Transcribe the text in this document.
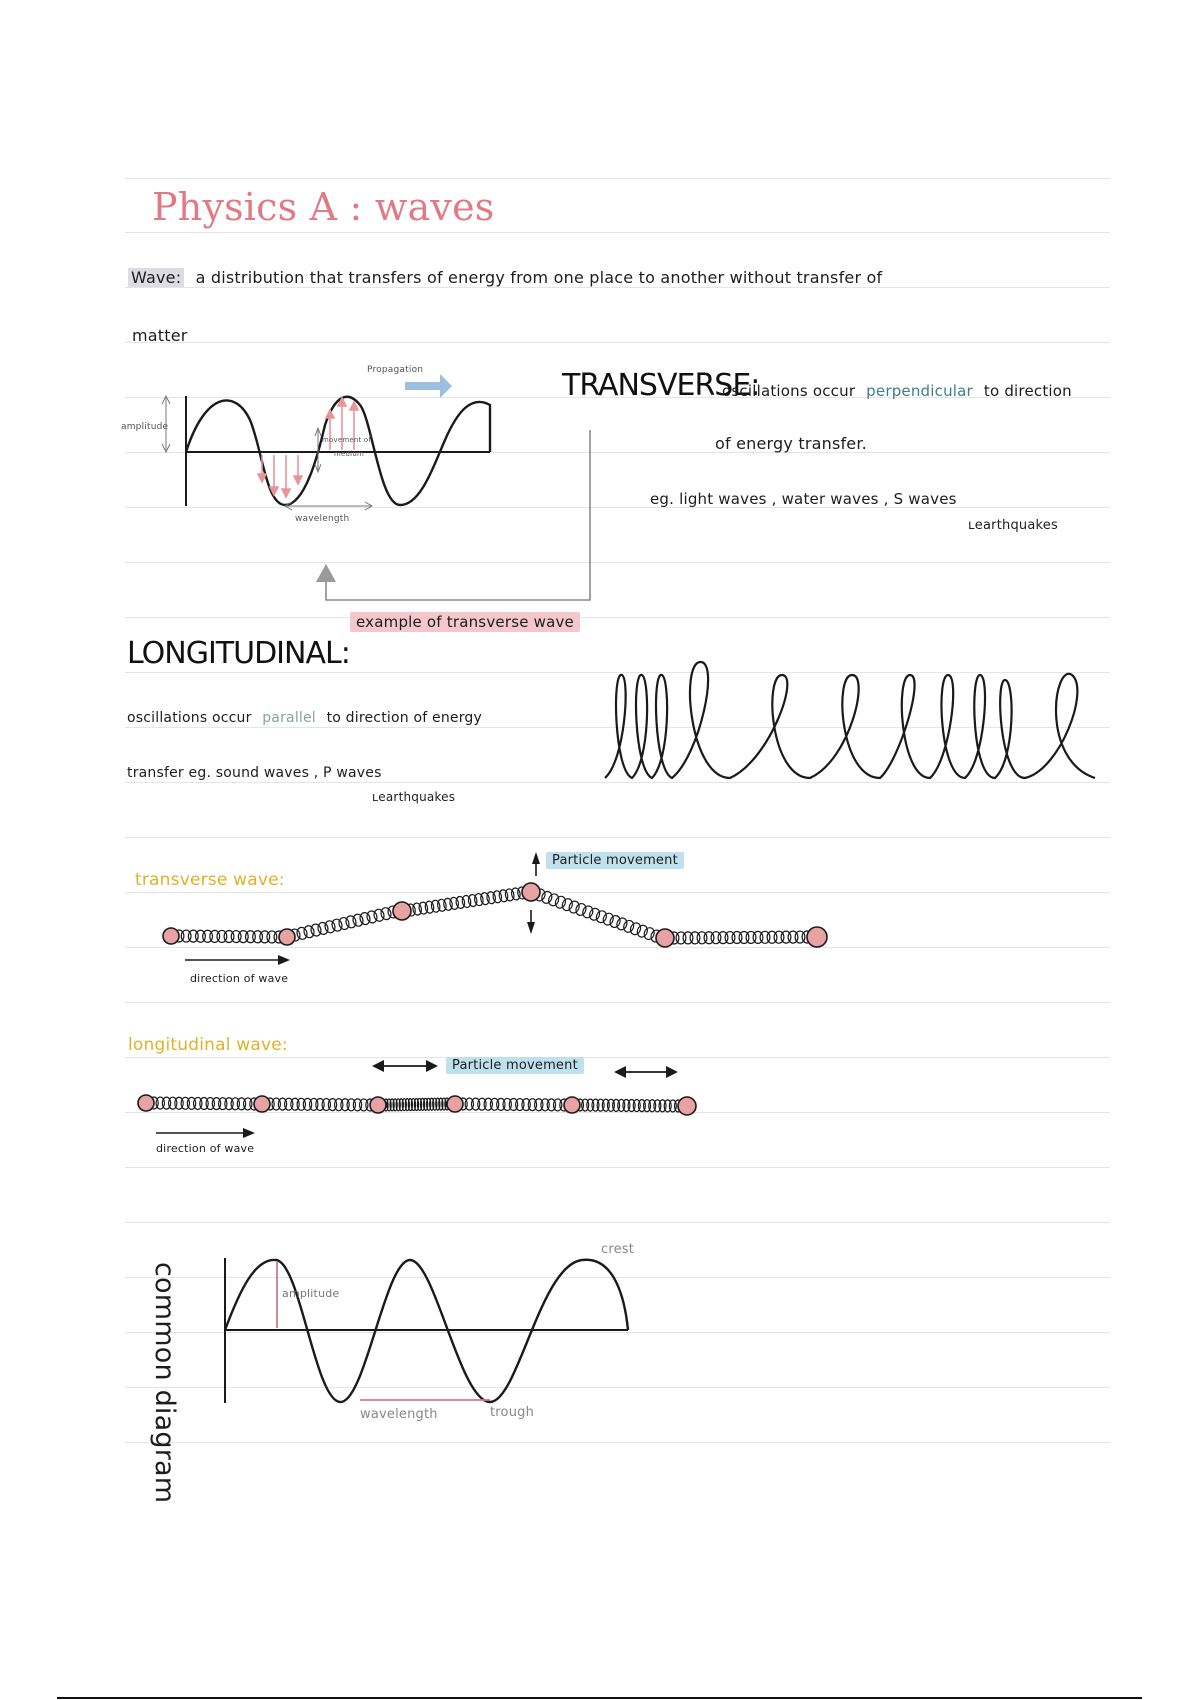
Physics A : waves
Wave: a distribution that transfers of energy from one place to another without transfer of
matter
Propagation
amplitude
movement of
medium
wavelength
example of transverse wave
TRANSVERSE:
oscillations occur perpendicular to direction
of energy transfer.
eg. light waves , water waves , S waves
ʟearthquakes
LONGITUDINAL:
oscillations occur parallel to direction of energy
transfer eg. sound waves , P waves
ʟearthquakes
transverse wave:
Particle movement
direction of wave
longitudinal wave:
Particle movement
direction of wave
common diagram	amplitude
crest
wavelength	trough
